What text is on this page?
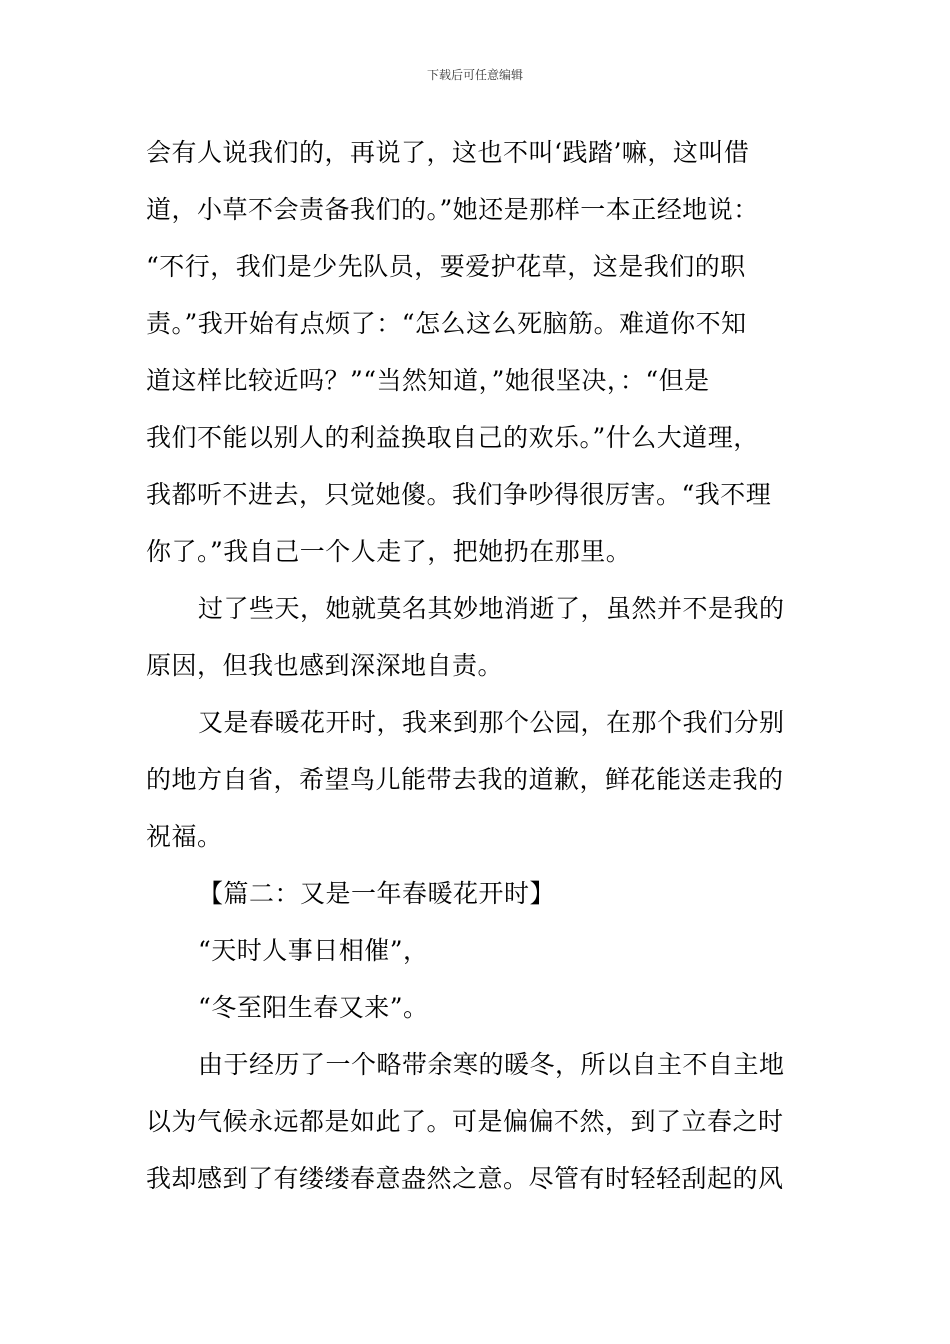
下载后可任意编辑
会有人说我们的，再说了，这也不叫‘践踏’嘛，这叫借
道，小草不会责备我们的。”她还是那样一本正经地说：
“不行，我们是少先队员，要爱护花草，这是我们的职
责。”我开始有点烦了：“怎么这么死脑筋。难道你不知
道这样比较近吗？”“当然知道，”她很坚决，：“但是
我们不能以别人的利益换取自己的欢乐。”什么大道理，
我都听不进去，只觉她傻。我们争吵得很厉害。“我不理
你了。”我自己一个人走了，把她扔在那里。
过了些天，她就莫名其妙地消逝了，虽然并不是我的
原因，但我也感到深深地自责。
又是春暖花开时，我来到那个公园，在那个我们分别
的地方自省，希望鸟儿能带去我的道歉，鲜花能送走我的
祝福。
【篇二：又是一年春暖花开时】
“天时人事日相催”，
“冬至阳生春又来”。
由于经历了一个略带余寒的暖冬，所以自主不自主地
以为气候永远都是如此了。可是偏偏不然，到了立春之时
我却感到了有缕缕春意盎然之意。尽管有时轻轻刮起的风
